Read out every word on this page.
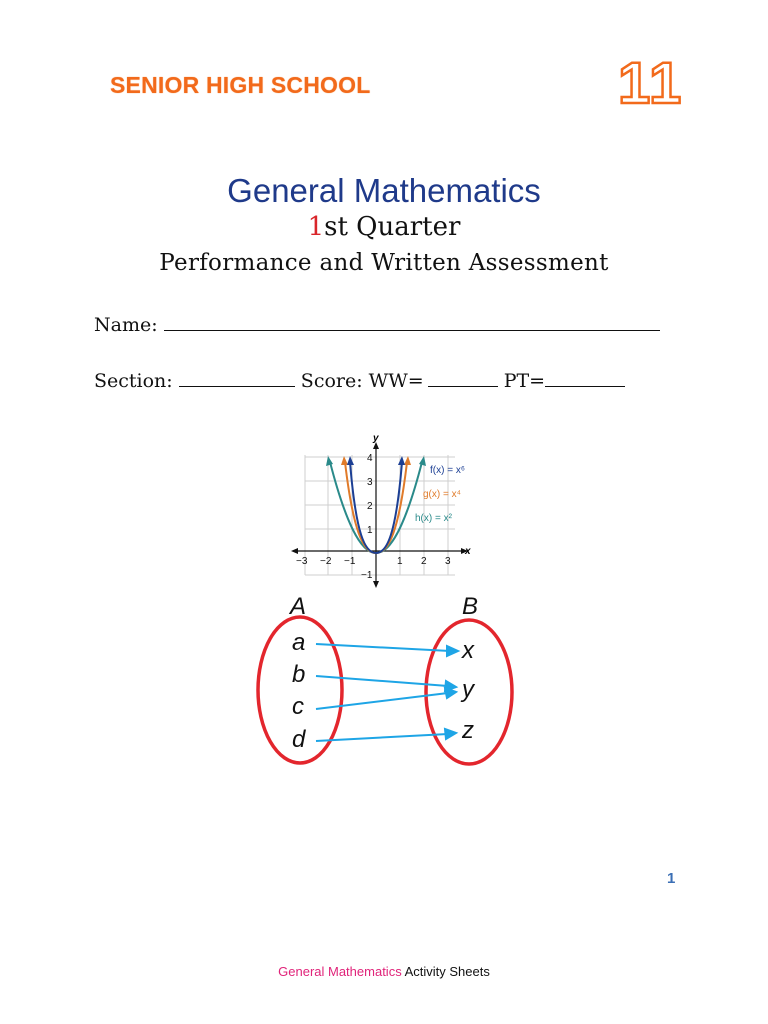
SENIOR HIGH SCHOOL	11
General Mathematics
1st Quarter
Performance and Written Assessment
Name:
Section:	Score: WW=	PT=
y
x
−3 −2 −1	1 2 3
4
3
2
1
−1
f(x) = x⁶
g(x) = x⁴
h(x) = x²
A	B
a
b
c
d
x
y
z
1
General Mathematics Activity Sheets
